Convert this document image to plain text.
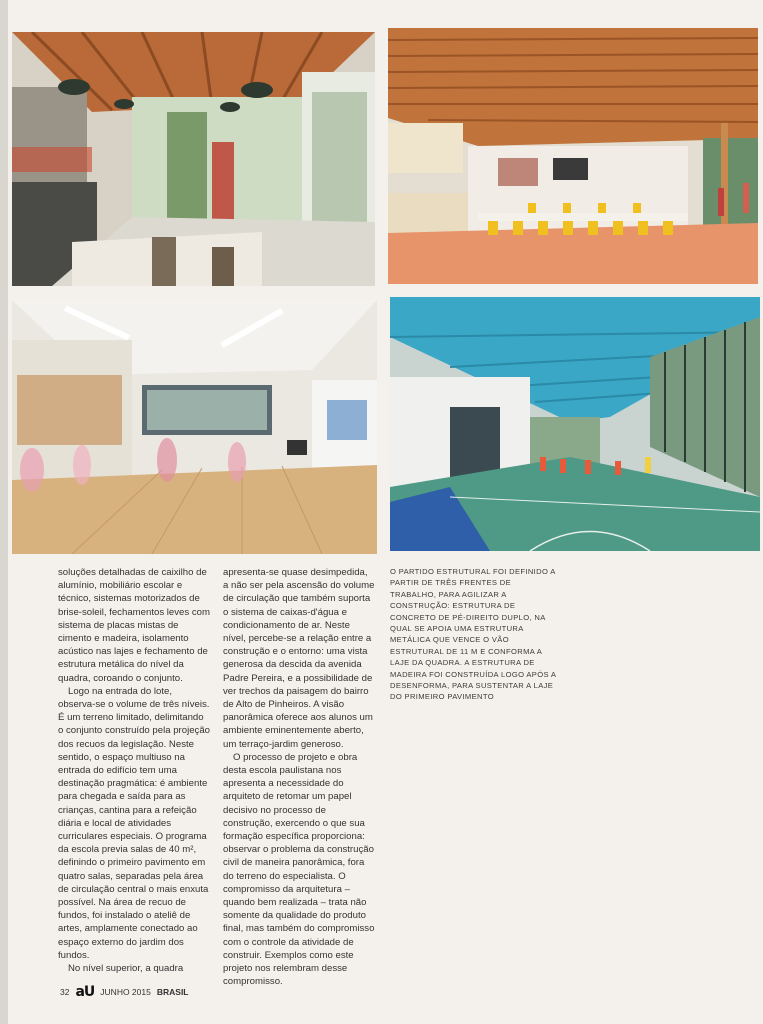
soluções detalhadas de caixilho de alumínio, mobiliário escolar e técnico, sistemas motorizados de brise-soleil, fechamentos leves com sistema de placas mistas de cimento e madeira, isolamento acústico nas lajes e fechamento de estrutura metálica do nível da quadra, coroando o conjunto.

Logo na entrada do lote, observa-se o volume de três níveis. É um terreno limitado, delimitando o conjunto construído pela projeção dos recuos da legislação. Neste sentido, o espaço multiuso na entrada do edifício tem uma destinação pragmática: é ambiente para chegada e saída para as crianças, cantina para a refeição diária e local de atividades curriculares especiais. O programa da escola previa salas de 40 m², definindo o primeiro pavimento em quatro salas, separadas pela área de circulação central o mais enxuta possível. Na área de recuo de fundos, foi instalado o ateliê de artes, amplamente conectado ao espaço externo do jardim dos fundos.

No nível superior, a quadra

apresenta-se quase desimpedida, a não ser pela ascensão do volume de circulação que também suporta o sistema de caixas-d'água e condicionamento de ar. Neste nível, percebe-se a relação entre a construção e o entorno: uma vista generosa da descida da avenida Padre Pereira, e a possibilidade de ver trechos da paisagem do bairro de Alto de Pinheiros. A visão panorâmica oferece aos alunos um ambiente eminentemente aberto, um terraço-jardim generoso.

O processo de projeto e obra desta escola paulistana nos apresenta a necessidade do arquiteto de retomar um papel decisivo no processo de construção, exercendo o que sua formação específica proporciona: observar o problema da construção civil de maneira panorâmica, fora do terreno do especialista. O compromisso da arquitetura – quando bem realizada – trata não somente da qualidade do produto final, mas também do compromisso com o controle da atividade de construir. Exemplos como este projeto nos relembram desse compromisso.

O PARTIDO ESTRUTURAL FOI DEFINIDO A PARTIR DE TRÊS FRENTES DE TRABALHO, PARA AGILIZAR A CONSTRUÇÃO: ESTRUTURA DE CONCRETO DE PÉ-DIREITO DUPLO, NA QUAL SE APOIA UMA ESTRUTURA METÁLICA QUE VENCE O VÃO ESTRUTURAL DE 11 M E CONFORMA A LAJE DA QUADRA. A ESTRUTURA DE MADEIRA FOI CONSTRUÍDA LOGO APÓS A DESENFORMA, PARA SUSTENTAR A LAJE DO PRIMEIRO PAVIMENTO

32 aU JUNHO 2015 BRASIL
